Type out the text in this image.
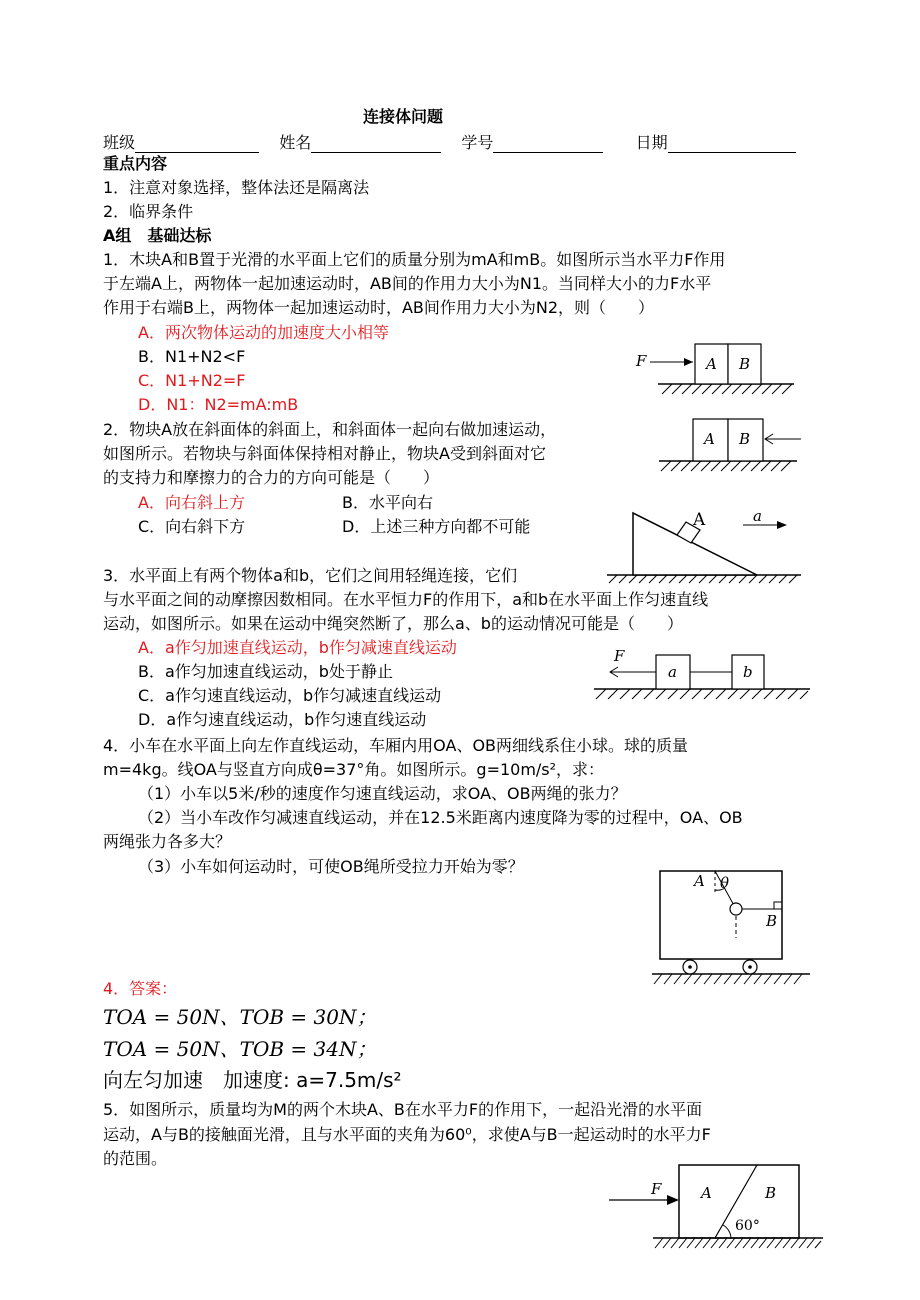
连接体问题
班级	姓名	学号	日期
重点内容
1．注意对象选择，整体法还是隔离法
2．临界条件
A组　基础达标
1．木块A和B置于光滑的水平面上它们的质量分别为mA和mB。如图所示当水平力F作用
于左端A上，两物体一起加速运动时，AB间的作用力大小为N1。当同样大小的力F水平
作用于右端B上，两物体一起加速运动时，AB间作用力大小为N2，则（　　）
A．两次物体运动的加速度大小相等
B．N1+N2<F
C．N1+N2=F
D．N1：N2=mA:mB
F	A B
A B
2．物块A放在斜面体的斜面上，和斜面体一起向右做加速运动，
如图所示。若物块与斜面体保持相对静止，物块A受到斜面对它
的支持力和摩擦力的合力的方向可能是（　　）
A．向右斜上方	B．水平向右
C．向右斜下方	D．上述三种方向都不可能	A	a
3．水平面上有两个物体a和b，它们之间用轻绳连接，它们
与水平面之间的动摩擦因数相同。在水平恒力F的作用下，a和b在水平面上作匀速直线
运动，如图所示。如果在运动中绳突然断了，那么a、b的运动情况可能是（　　）
A．a作匀加速直线运动，b作匀减速直线运动
B．a作匀加速直线运动，b处于静止
C．a作匀速直线运动，b作匀减速直线运动
D．a作匀速直线运动，b作匀速直线运动
F
a	b
4．小车在水平面上向左作直线运动，车厢内用OA、OB两细线系住小球。球的质量
m=4kg。线OA与竖直方向成θ=37°角。如图所示。g=10m/s²，求：
（1）小车以5米/秒的速度作匀速直线运动，求OA、OB两绳的张力？
（2）当小车改作匀减速直线运动，并在12.5米距离内速度降为零的过程中，OA、OB
两绳张力各多大？
（3）小车如何运动时，可使OB绳所受拉力开始为零？
A θ
B
4．答案：
TOA = 50N、TOB = 30N；
TOA = 50N、TOB = 34N；
向左匀加速　加速度: a=7.5m/s²
5．如图所示，质量均为M的两个木块A、B在水平力F的作用下，一起沿光滑的水平面
运动，A与B的接触面光滑，且与水平面的夹角为60⁰，求使A与B一起运动时的水平力F
的范围。
F	A	B
60°
